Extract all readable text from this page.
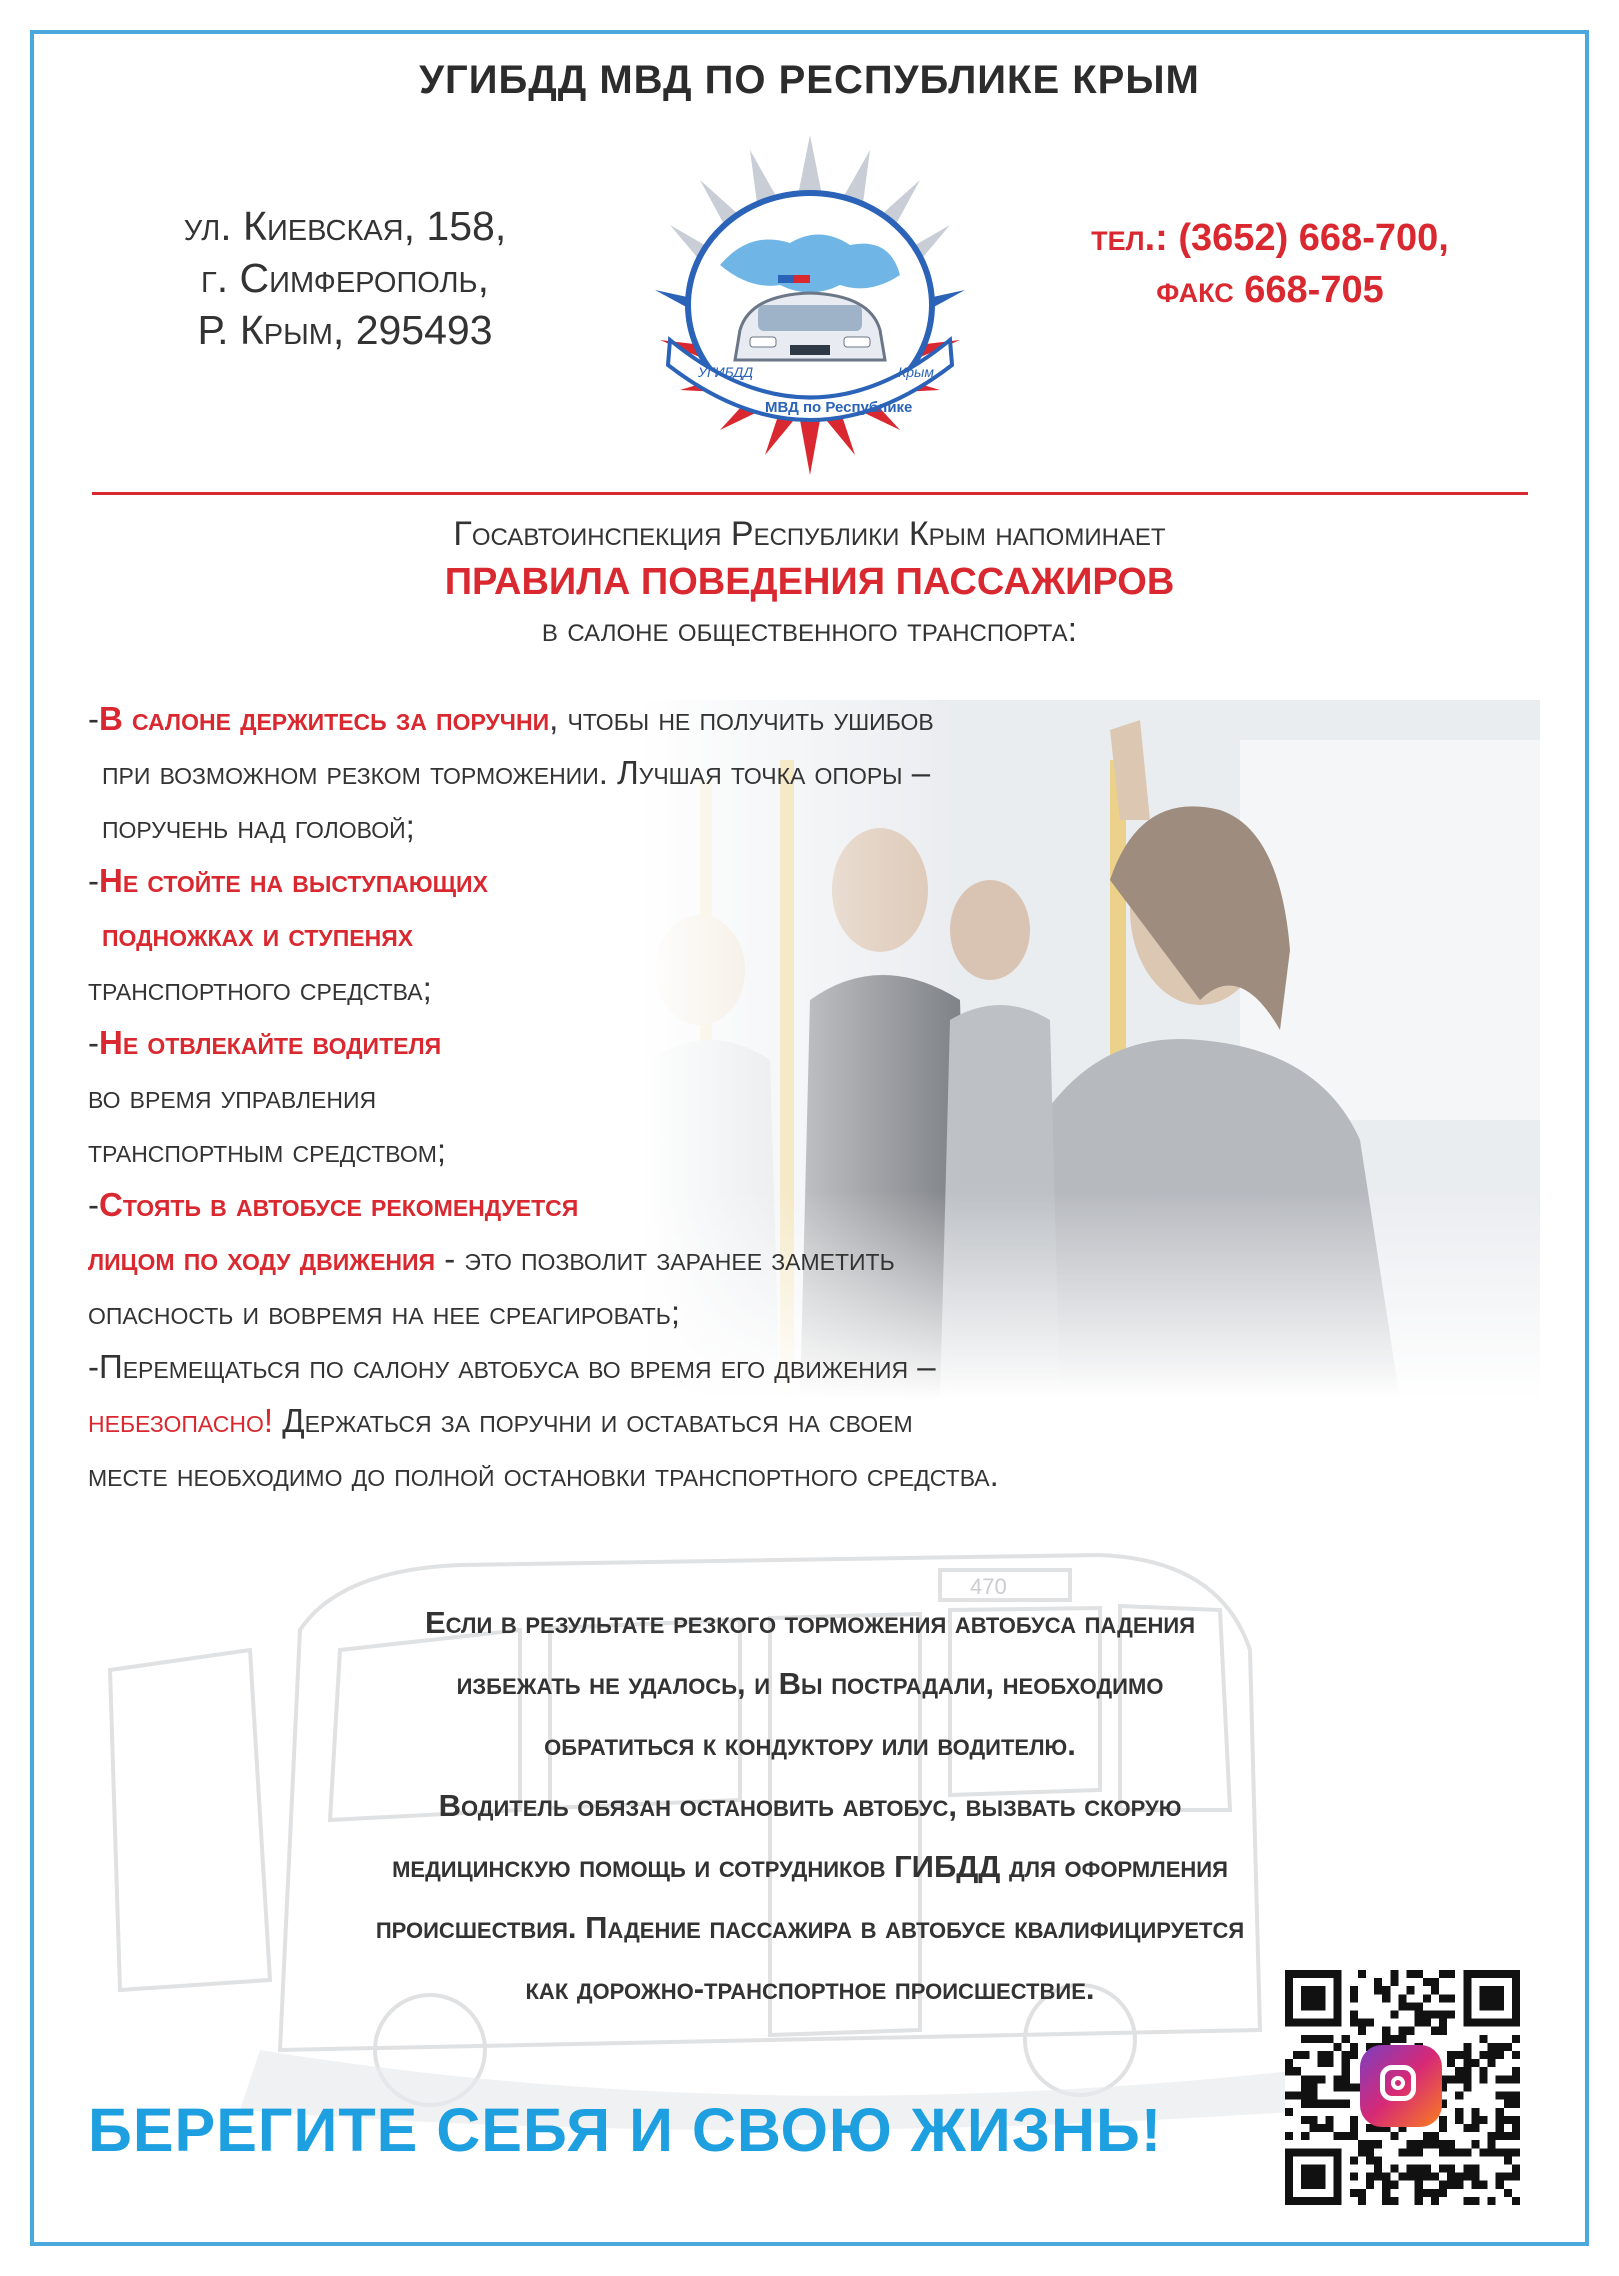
УГИБДД МВД ПО РЕСПУБЛИКЕ КРЫМ
ул. Киевская, 158,
г. Симферополь,
Р. Крым, 295493
УГИБДД
МВД по Республике
Крым
тел.: (3652) 668-700,
факс 668-705
Госавтоинспекция Республики Крым напоминает
ПРАВИЛА ПОВЕДЕНИЯ ПАССАЖИРОВ
в салоне общественного транспорта:
-В салоне держитесь за поручни, чтобы не получить ушибов
при возможном резком торможении. Лучшая точка опоры –
поручень над головой;
-Не стойте на выступающих
подножках и ступенях
транспортного средства;
-Не отвлекайте водителя
во время управления
транспортным средством;
-Стоять в автобусе рекомендуется
лицом по ходу движения - это позволит заранее заметить
опасность и вовремя на нее среагировать;
-Перемещаться по салону автобуса во время его движения –
небезопасно! Держаться за поручни и оставаться на своем
месте необходимо до полной остановки транспортного средства.
Если в результате резкого торможения автобуса падения
избежать не удалось, и Вы пострадали, необходимо
обратиться к кондуктору или водителю.
Водитель обязан остановить автобус, вызвать скорую
медицинскую помощь и сотрудников ГИБДД для оформления
происшествия. Падение пассажира в автобусе квалифицируется
как дорожно-транспортное происшествие.
БЕРЕГИТЕ СЕБЯ И СВОЮ ЖИЗНЬ!
